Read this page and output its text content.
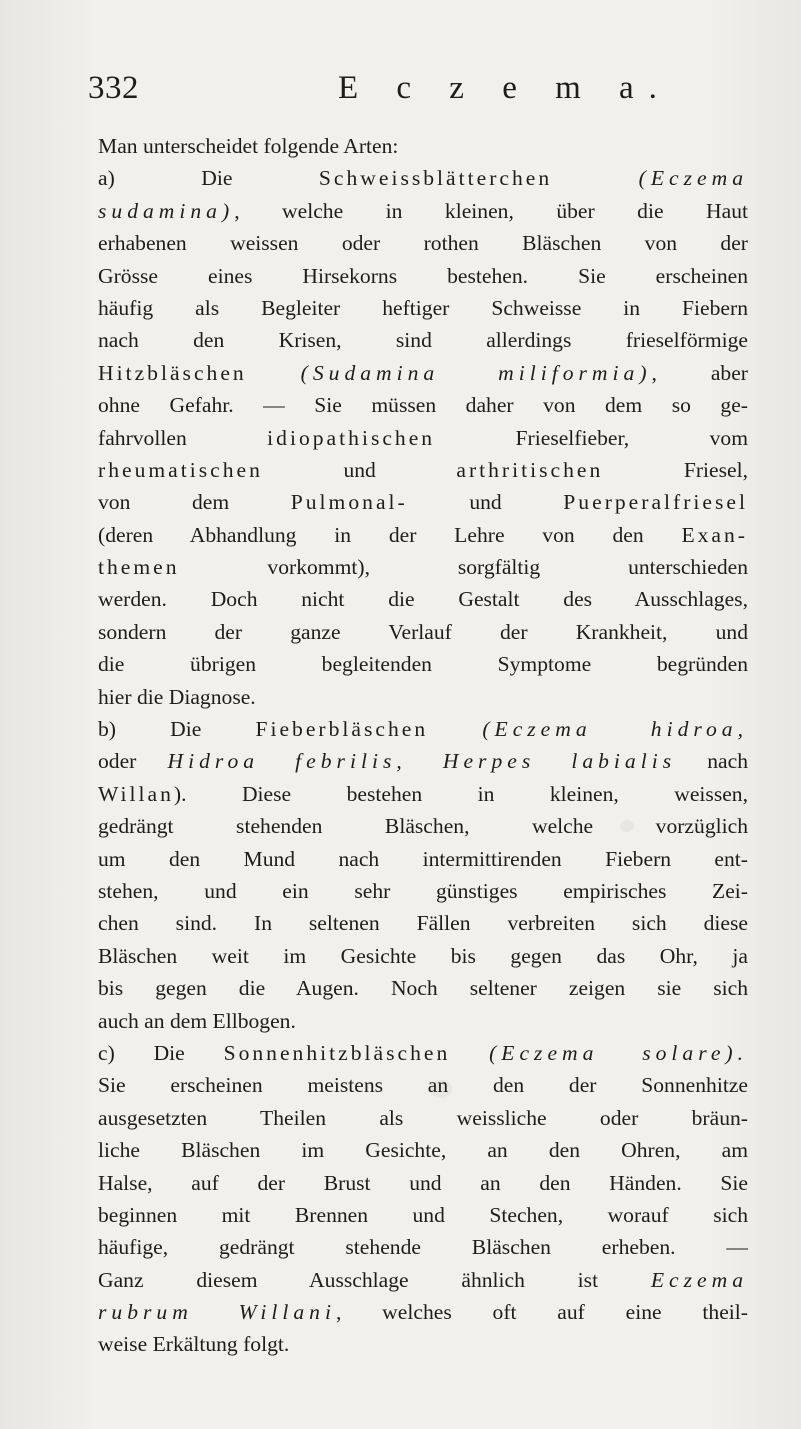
332	E c z e m a.
Man unterscheidet folgende Arten:
a) Die Schweissblätterchen	(Eczema
sudamina), welche in kleinen, über die Haut
erhabenen weissen oder rothen Bläschen von der
Grösse eines Hirsekorns bestehen. Sie erscheinen
häufig als Begleiter heftiger Schweisse in Fiebern
nach den Krisen, sind allerdings frieselförmige
Hitzbläschen (Sudamina miliformia), aber
ohne Gefahr. — Sie müssen daher von dem so ge-
fahrvollen idiopathischen Frieselfieber, vom
rheumatischen und arthritischen Friesel,
von dem Pulmonal- und Puerperalfriesel
(deren Abhandlung in der Lehre von den Exan-
themen vorkommt), sorgfältig unterschieden
werden. Doch nicht die Gestalt des Ausschlages,
sondern der ganze Verlauf der Krankheit, und
die übrigen begleitenden Symptome begründen
hier die Diagnose.
b) Die Fieberbläschen	(Eczema hidroa,
oder Hidroa febrilis, Herpes labialis nach
Willan). Diese bestehen in kleinen, weissen,
gedrängt stehenden Bläschen, welche vorzüglich
um den Mund nach intermittirenden Fiebern ent-
stehen, und ein sehr günstiges empirisches Zei-
chen sind. In seltenen Fällen verbreiten sich diese
Bläschen weit im Gesichte bis gegen das Ohr, ja
bis gegen die Augen. Noch seltener zeigen sie sich
auch an dem Ellbogen.
c) Die Sonnenhitzbläschen (Eczema solare).
Sie erscheinen meistens an den der Sonnenhitze
ausgesetzten Theilen als weissliche oder bräun-
liche Bläschen im Gesichte, an den Ohren, am
Halse, auf der Brust und an den Händen. Sie
beginnen mit Brennen und Stechen, worauf sich
häufige, gedrängt stehende Bläschen erheben. —
Ganz diesem Ausschlage ähnlich ist Eczema
rubrum Willani, welches oft auf eine theil-
weise Erkältung folgt.
